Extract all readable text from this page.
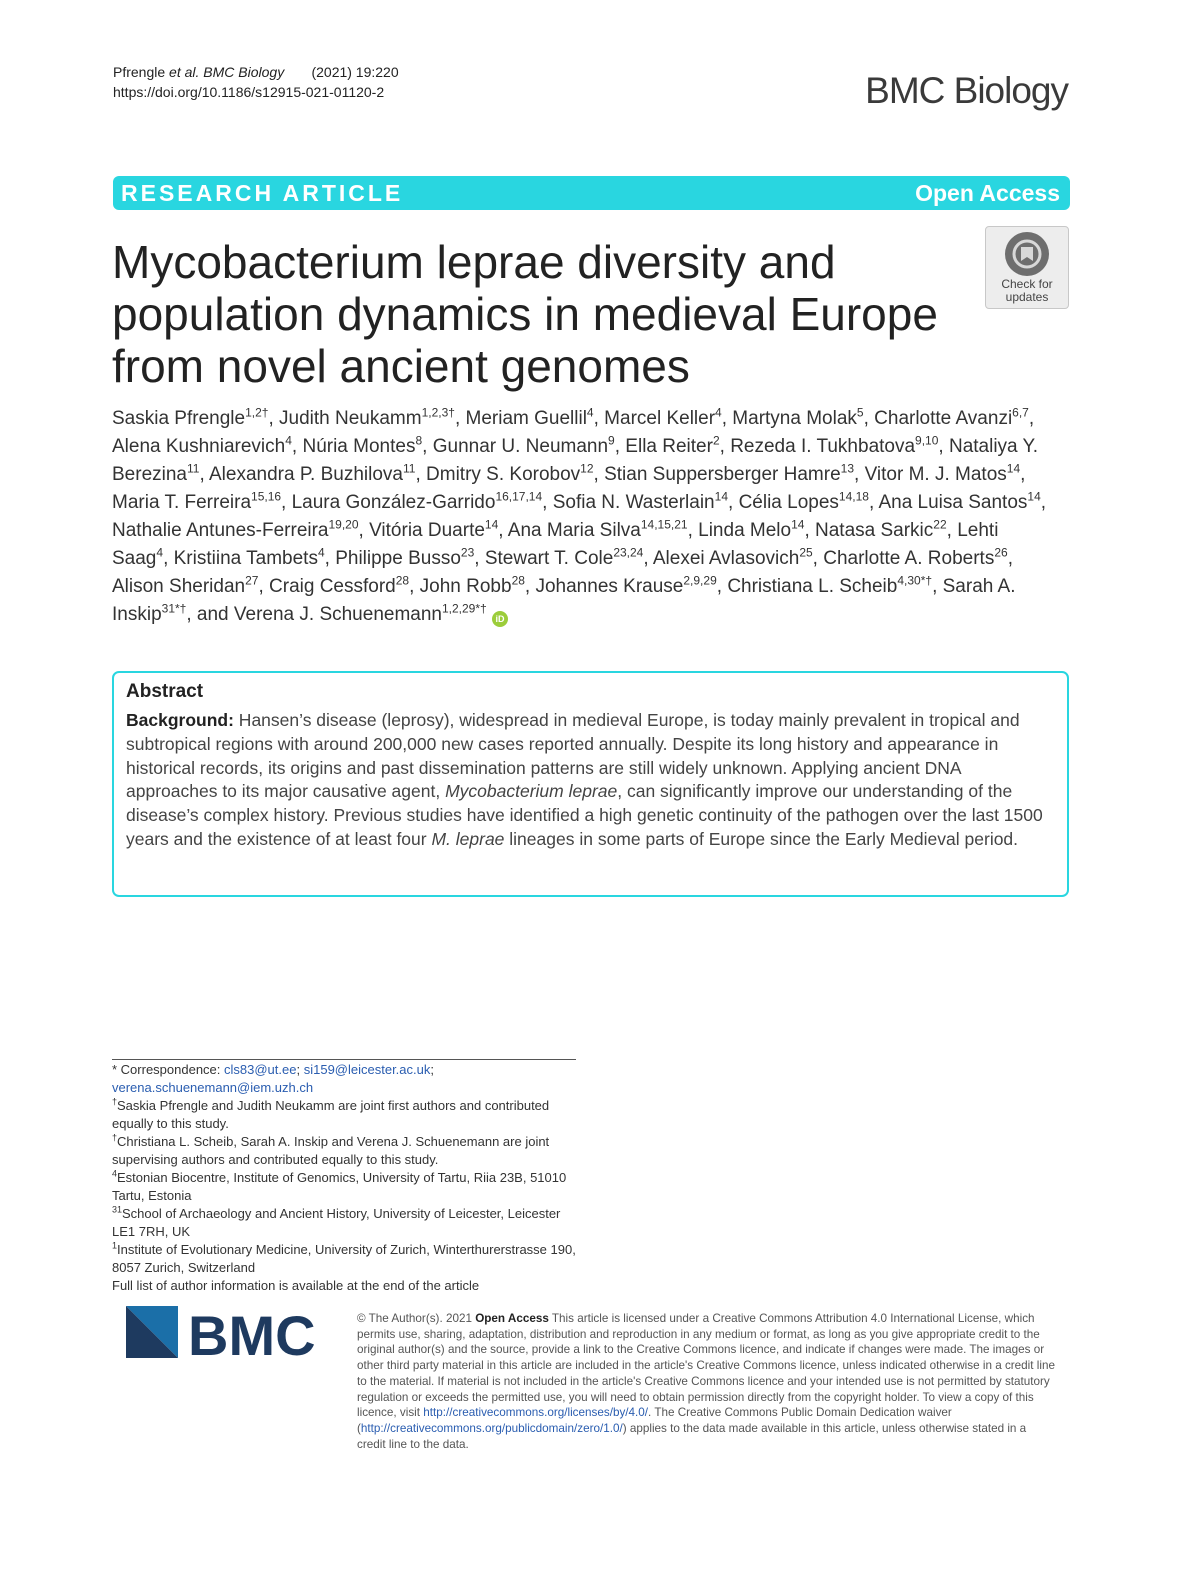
Pfrengle et al. BMC Biology (2021) 19:220
https://doi.org/10.1186/s12915-021-01120-2	BMC Biology
RESEARCH ARTICLE	Open Access
Check for
updates
Mycobacterium leprae diversity and population dynamics in medieval Europe from novel ancient genomes
Saskia Pfrengle$^{1,2\dagger}$, Judith Neukamm$^{1,2,3\dagger}$, Meriam Guellil$^4$, Marcel Keller$^4$, Martyna Molak$^5$, Charlotte Avanzi$^{6,7}$, Alena Kushniarevich$^4$, Núria Montes$^8$, Gunnar U. Neumann$^9$, Ella Reiter$^2$, Rezeda I. Tukhbatova$^{9,10}$, Nataliya Y. Berezina$^{11}$, Alexandra P. Buzhilova$^{11}$, Dmitry S. Korobov$^{12}$, Stian Suppersberger Hamre$^{13}$, Vitor M. J. Matos$^{14}$, Maria T. Ferreira$^{15,16}$, Laura González-Garrido$^{16,17,14}$, Sofia N. Wasterlain$^{14}$, Célia Lopes$^{14,18}$, Ana Luisa Santos$^{14}$, Nathalie Antunes-Ferreira$^{19,20}$, Vitória Duarte$^{14}$, Ana Maria Silva$^{14,15,21}$, Linda Melo$^{14}$, Natasa Sarkic$^{22}$, Lehti Saag$^4$, Kristiina Tambets$^4$, Philippe Busso$^{23}$, Stewart T. Cole$^{23,24}$, Alexei Avlasovich$^{25}$, Charlotte A. Roberts$^{26}$, Alison Sheridan$^{27}$, Craig Cessford$^{28}$, John Robb$^{28}$, Johannes Krause$^{2,9,29}$, Christiana L. Scheib$^{4,30*\dagger}$, Sarah A. Inskip$^{31*\dagger}$, and Verena J. Schuenemann$^{1,2,29*\dagger}$ iD
Abstract

Background: Hansen’s disease (leprosy), widespread in medieval Europe, is today mainly prevalent in tropical and subtropical regions with around 200,000 new cases reported annually. Despite its long history and appearance in historical records, its origins and past dissemination patterns are still widely unknown. Applying ancient DNA approaches to its major causative agent, Mycobacterium leprae, can significantly improve our understanding of the disease’s complex history. Previous studies have identified a high genetic continuity of the pathogen over the last 1500 years and the existence of at least four M. leprae lineages in some parts of Europe since the Early Medieval period.

* Correspondence: cls83@ut.ee; si159@leicester.ac.uk;
verena.schuenemann@iem.uzh.ch
†Saskia Pfrengle and Judith Neukamm are joint first authors and contributed equally to this study.
†Christiana L. Scheib, Sarah A. Inskip and Verena J. Schuenemann are joint supervising authors and contributed equally to this study.
$^4$Estonian Biocentre, Institute of Genomics, University of Tartu, Riia 23B, 51010 Tartu, Estonia
$^{31}$School of Archaeology and Ancient History, University of Leicester, Leicester LE1 7RH, UK
$^1$Institute of Evolutionary Medicine, University of Zurich, Winterthurerstrasse 190, 8057 Zurich, Switzerland
Full list of author information is available at the end of the article
BMC	© The Author(s). 2021 Open Access This article is licensed under a Creative Commons Attribution 4.0 International License, which permits use, sharing, adaptation, distribution and reproduction in any medium or format, as long as you give appropriate credit to the original author(s) and the source, provide a link to the Creative Commons licence, and indicate if changes were made. The images or other third party material in this article are included in the article's Creative Commons licence, unless indicated otherwise in a credit line to the material. If material is not included in the article's Creative Commons licence and your intended use is not permitted by statutory regulation or exceeds the permitted use, you will need to obtain permission directly from the copyright holder. To view a copy of this licence, visit http://creativecommons.org/licenses/by/4.0/. The Creative Commons Public Domain Dedication waiver (http://creativecommons.org/publicdomain/zero/1.0/) applies to the data made available in this article, unless otherwise stated in a credit line to the data.
